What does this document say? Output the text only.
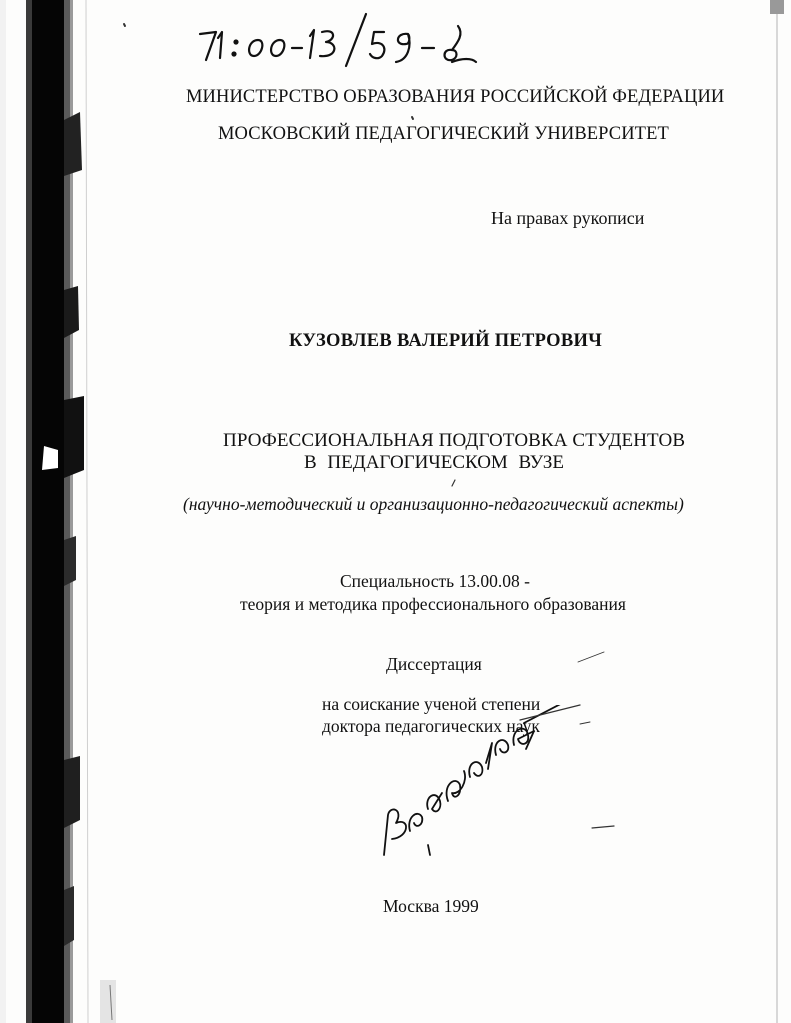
МИНИСТЕРСТВО ОБРАЗОВАНИЯ РОССИЙСКОЙ ФЕДЕРАЦИИ
МОСКОВСКИЙ ПЕДАГОГИЧЕСКИЙ УНИВЕРСИТЕТ
На правах рукописи
КУЗОВЛЕВ ВАЛЕРИЙ ПЕТРОВИЧ
ПРОФЕССИОНАЛЬНАЯ ПОДГОТОВКА СТУДЕНТОВ
В ПЕДАГОГИЧЕСКОМ ВУЗЕ
(научно-методический и организационно-педагогический аспекты)
Специальность 13.00.08 -
теория и методика профессионального образования
Диссертация
на соискание ученой степени
доктора педагогических наук
Москва 1999
